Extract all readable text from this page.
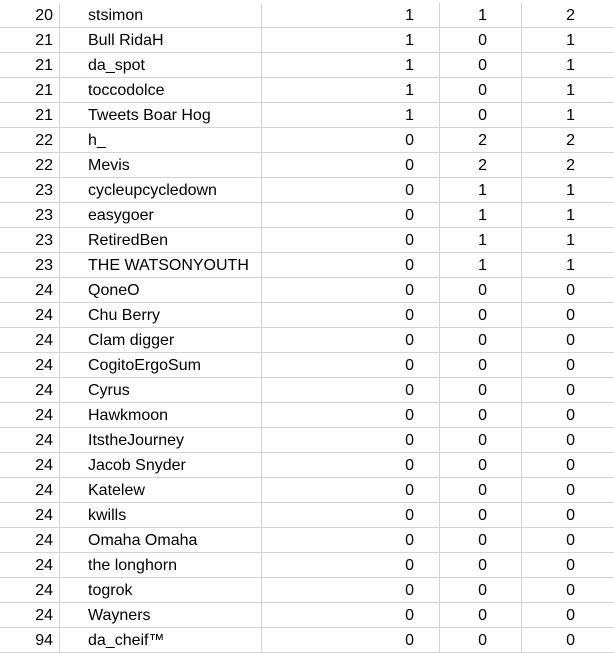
20	stsimon	1	1	2
21	Bull RidaH	1	0	1
21	da_spot	1	0	1
21	toccodolce	1	0	1
21	Tweets Boar Hog	1	0	1
22	h_	0	2	2
22	Mevis	0	2	2
23	cycleupcycledown	0	1	1
23	easygoer	0	1	1
23	RetiredBen	0	1	1
23	THE WATSONYOUTH	0	1	1
24	QoneO	0	0	0
24	Chu Berry	0	0	0
24	Clam digger	0	0	0
24	CogitoErgoSum	0	0	0
24	Cyrus	0	0	0
24	Hawkmoon	0	0	0
24	ItstheJourney	0	0	0
24	Jacob Snyder	0	0	0
24	Katelew	0	0	0
24	kwills	0	0	0
24	Omaha Omaha	0	0	0
24	the longhorn	0	0	0
24	togrok	0	0	0
24	Wayners	0	0	0
94	da_cheif™	0	0	0
